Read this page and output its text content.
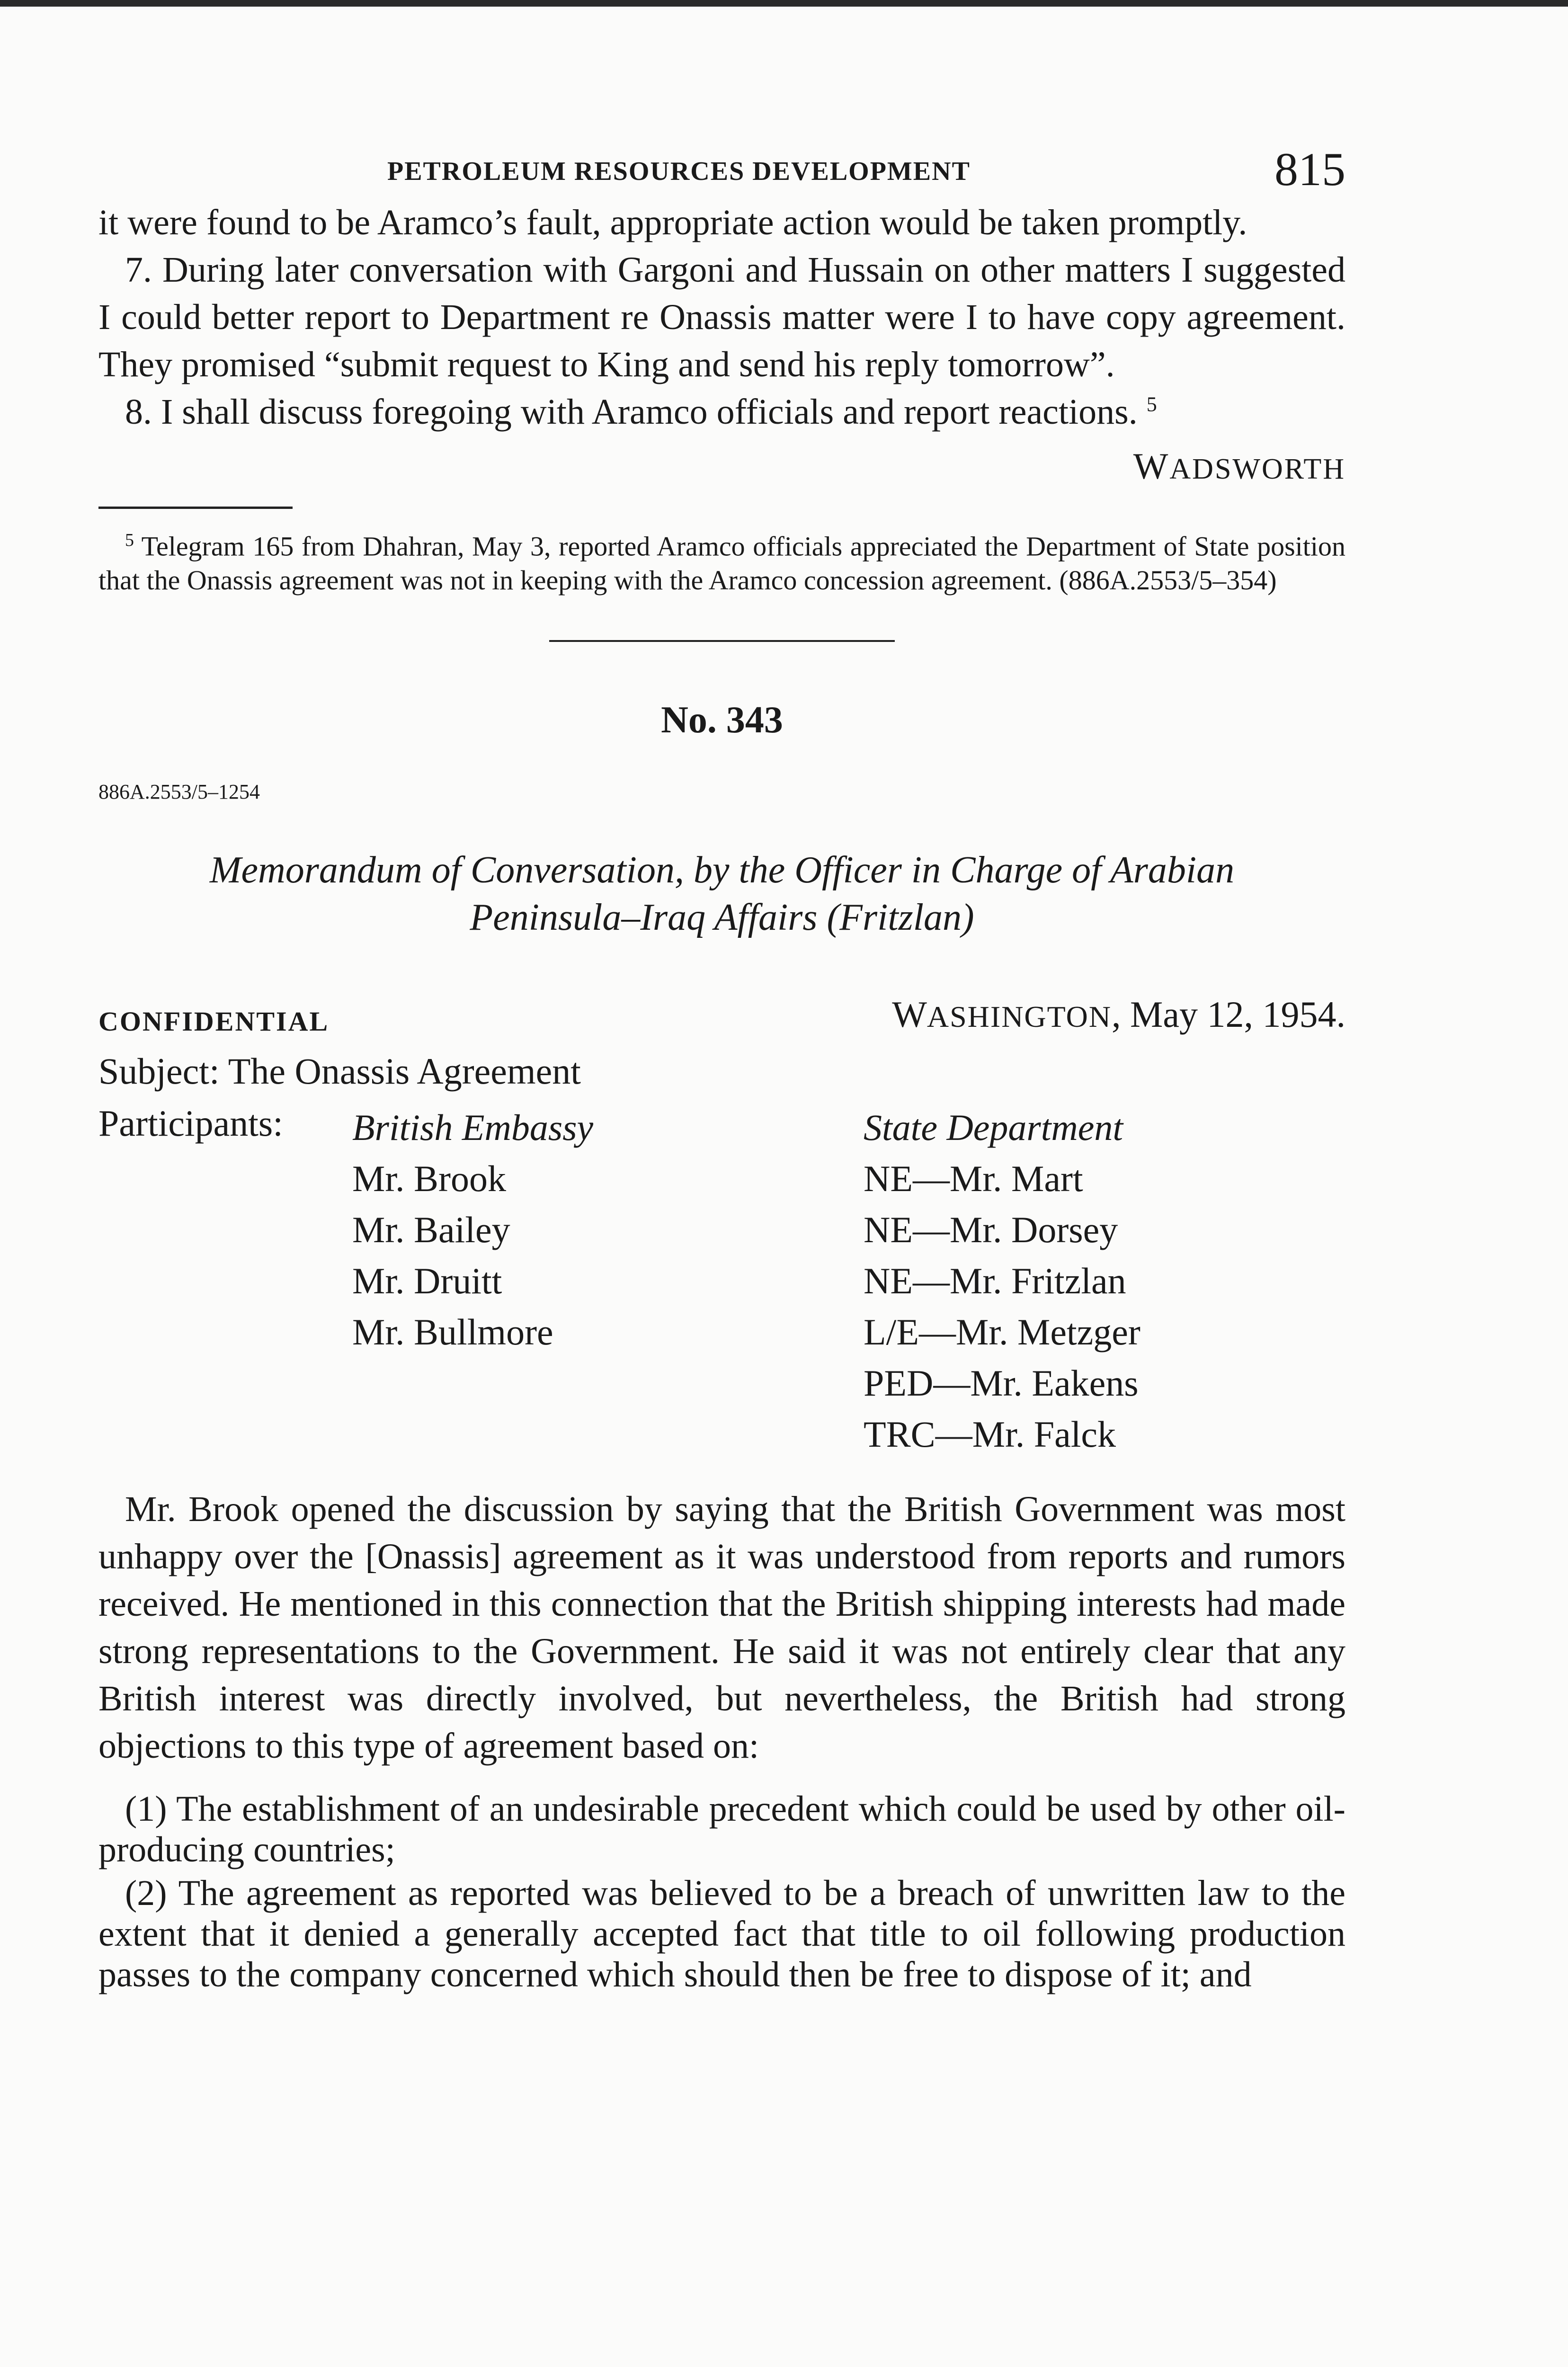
PETROLEUM RESOURCES DEVELOPMENT	815

it were found to be Aramco’s fault, appropriate action would be taken promptly.

7. During later conversation with Gargoni and Hussain on other matters I suggested I could better report to Department re Onassis matter were I to have copy agreement. They promised “submit request to King and send his reply tomorrow”.

8. I shall discuss foregoing with Aramco officials and report reactions. $^5$

WADSWORTH

$^5$ Telegram 165 from Dhahran, May 3, reported Aramco officials appreciated the Department of State position that the Onassis agreement was not in keeping with the Aramco concession agreement. (886A.2553/5–354)

No. 343
886A.2553/5–1254
Memorandum of Conversation, by the Officer in Charge of Arabian
Peninsula–Iraq Affairs (Fritzlan)
CONFIDENTIAL	WASHINGTON, May 12, 1954.

Subject: The Onassis Agreement

Participants: British Embassy
Mr. Brook
Mr. Bailey
Mr. Druitt
Mr. Bullmore
State Department
NE—Mr. Mart
NE—Mr. Dorsey
NE—Mr. Fritzlan
L/E—Mr. Metzger
PED—Mr. Eakens
TRC—Mr. Falck

Mr. Brook opened the discussion by saying that the British Government was most unhappy over the [Onassis] agreement as it was understood from reports and rumors received. He mentioned in this connection that the British shipping interests had made strong representations to the Government. He said it was not entirely clear that any British interest was directly involved, but nevertheless, the British had strong objections to this type of agreement based on:

(1) The establishment of an undesirable precedent which could be used by other oil-producing countries;

(2) The agreement as reported was believed to be a breach of unwritten law to the extent that it denied a generally accepted fact that title to oil following production passes to the company concerned which should then be free to dispose of it; and
